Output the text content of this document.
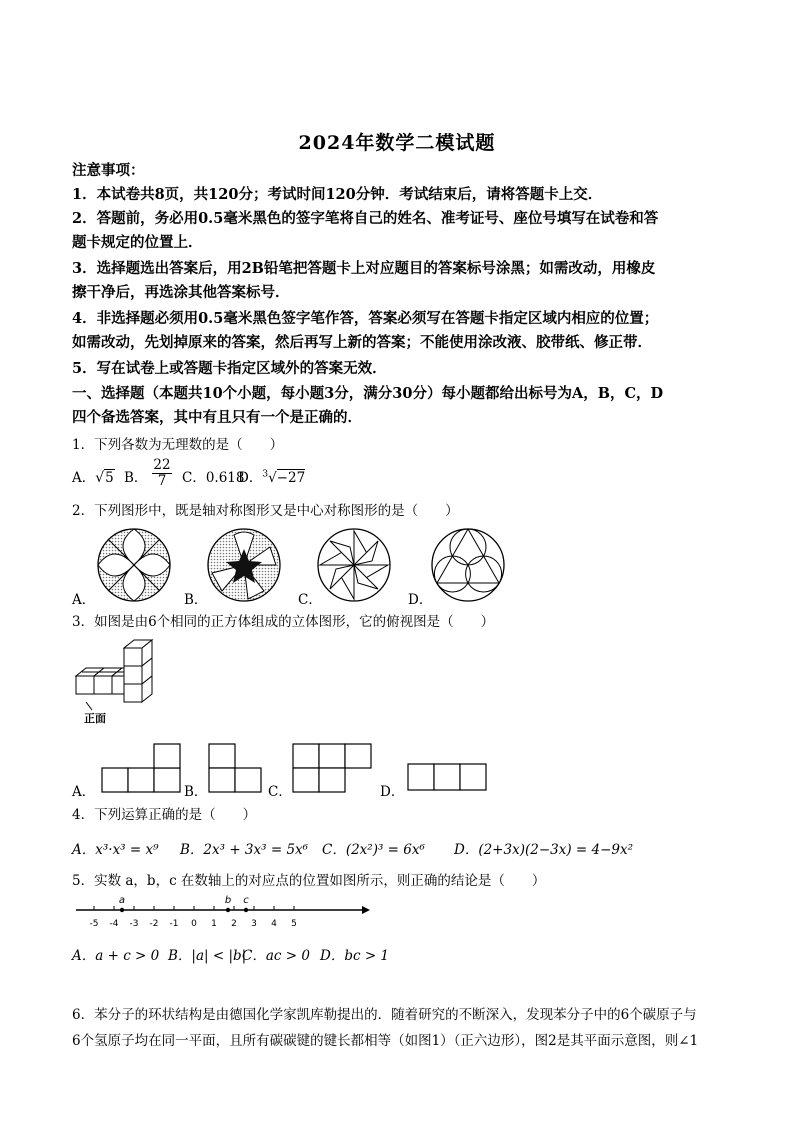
2024年数学二模试题
注意事项：
1．本试卷共8页，共120分；考试时间120分钟．考试结束后，请将答题卡上交．
2．答题前，务必用0.5毫米黑色的签字笔将自己的姓名、准考证号、座位号填写在试卷和答
题卡规定的位置上．
3．选择题选出答案后，用2B铅笔把答题卡上对应题目的答案标号涂黑；如需改动，用橡皮
擦干净后，再选涂其他答案标号．
4．非选择题必须用0.5毫米黑色签字笔作答，答案必须写在答题卡指定区域内相应的位置；
如需改动，先划掉原来的答案，然后再写上新的答案；不能使用涂改液、胶带纸、修正带．
5．写在试卷上或答题卡指定区域外的答案无效．
一、选择题（本题共10个小题，每小题3分，满分30分）每小题都给出标号为A，B，C，D
四个备选答案，其中有且只有一个是正确的．
1．下列各数为无理数的是（　　）
A．√5 B． $\frac{22}{7}$ C．0.618
D．$^3$√−27
2．下列图形中，既是轴对称图形又是中心对称图形的是（　　）
A．	B．	C．	D．
3．如图是由6个相同的正方体组成的立体图形，它的俯视图是（　　）
正面
A．	B．	C．	D．
4．下列运算正确的是（　　）
A．x³·x³ = x⁹ B．2x³ + 3x³ = 5x⁶ C．(2x²)³ = 6x⁶ D．(2+3x)(2−3x) = 4−9x²
5．实数 a，b，c 在数轴上的对应点的位置如图所示，则正确的结论是（　　）
-5 -4 -3 -2 -1 0 1 2 3 4 5
a	b c
A．a + c > 0 B．|a| < |b|
C．ac > 0 D．bc > 1
6．苯分子的环状结构是由德国化学家凯库勒提出的．随着研究的不断深入，发现苯分子中的6个碳原子与
6个氢原子均在同一平面，且所有碳碳键的键长都相等（如图1）（正六边形），图2是其平面示意图，则∠1
